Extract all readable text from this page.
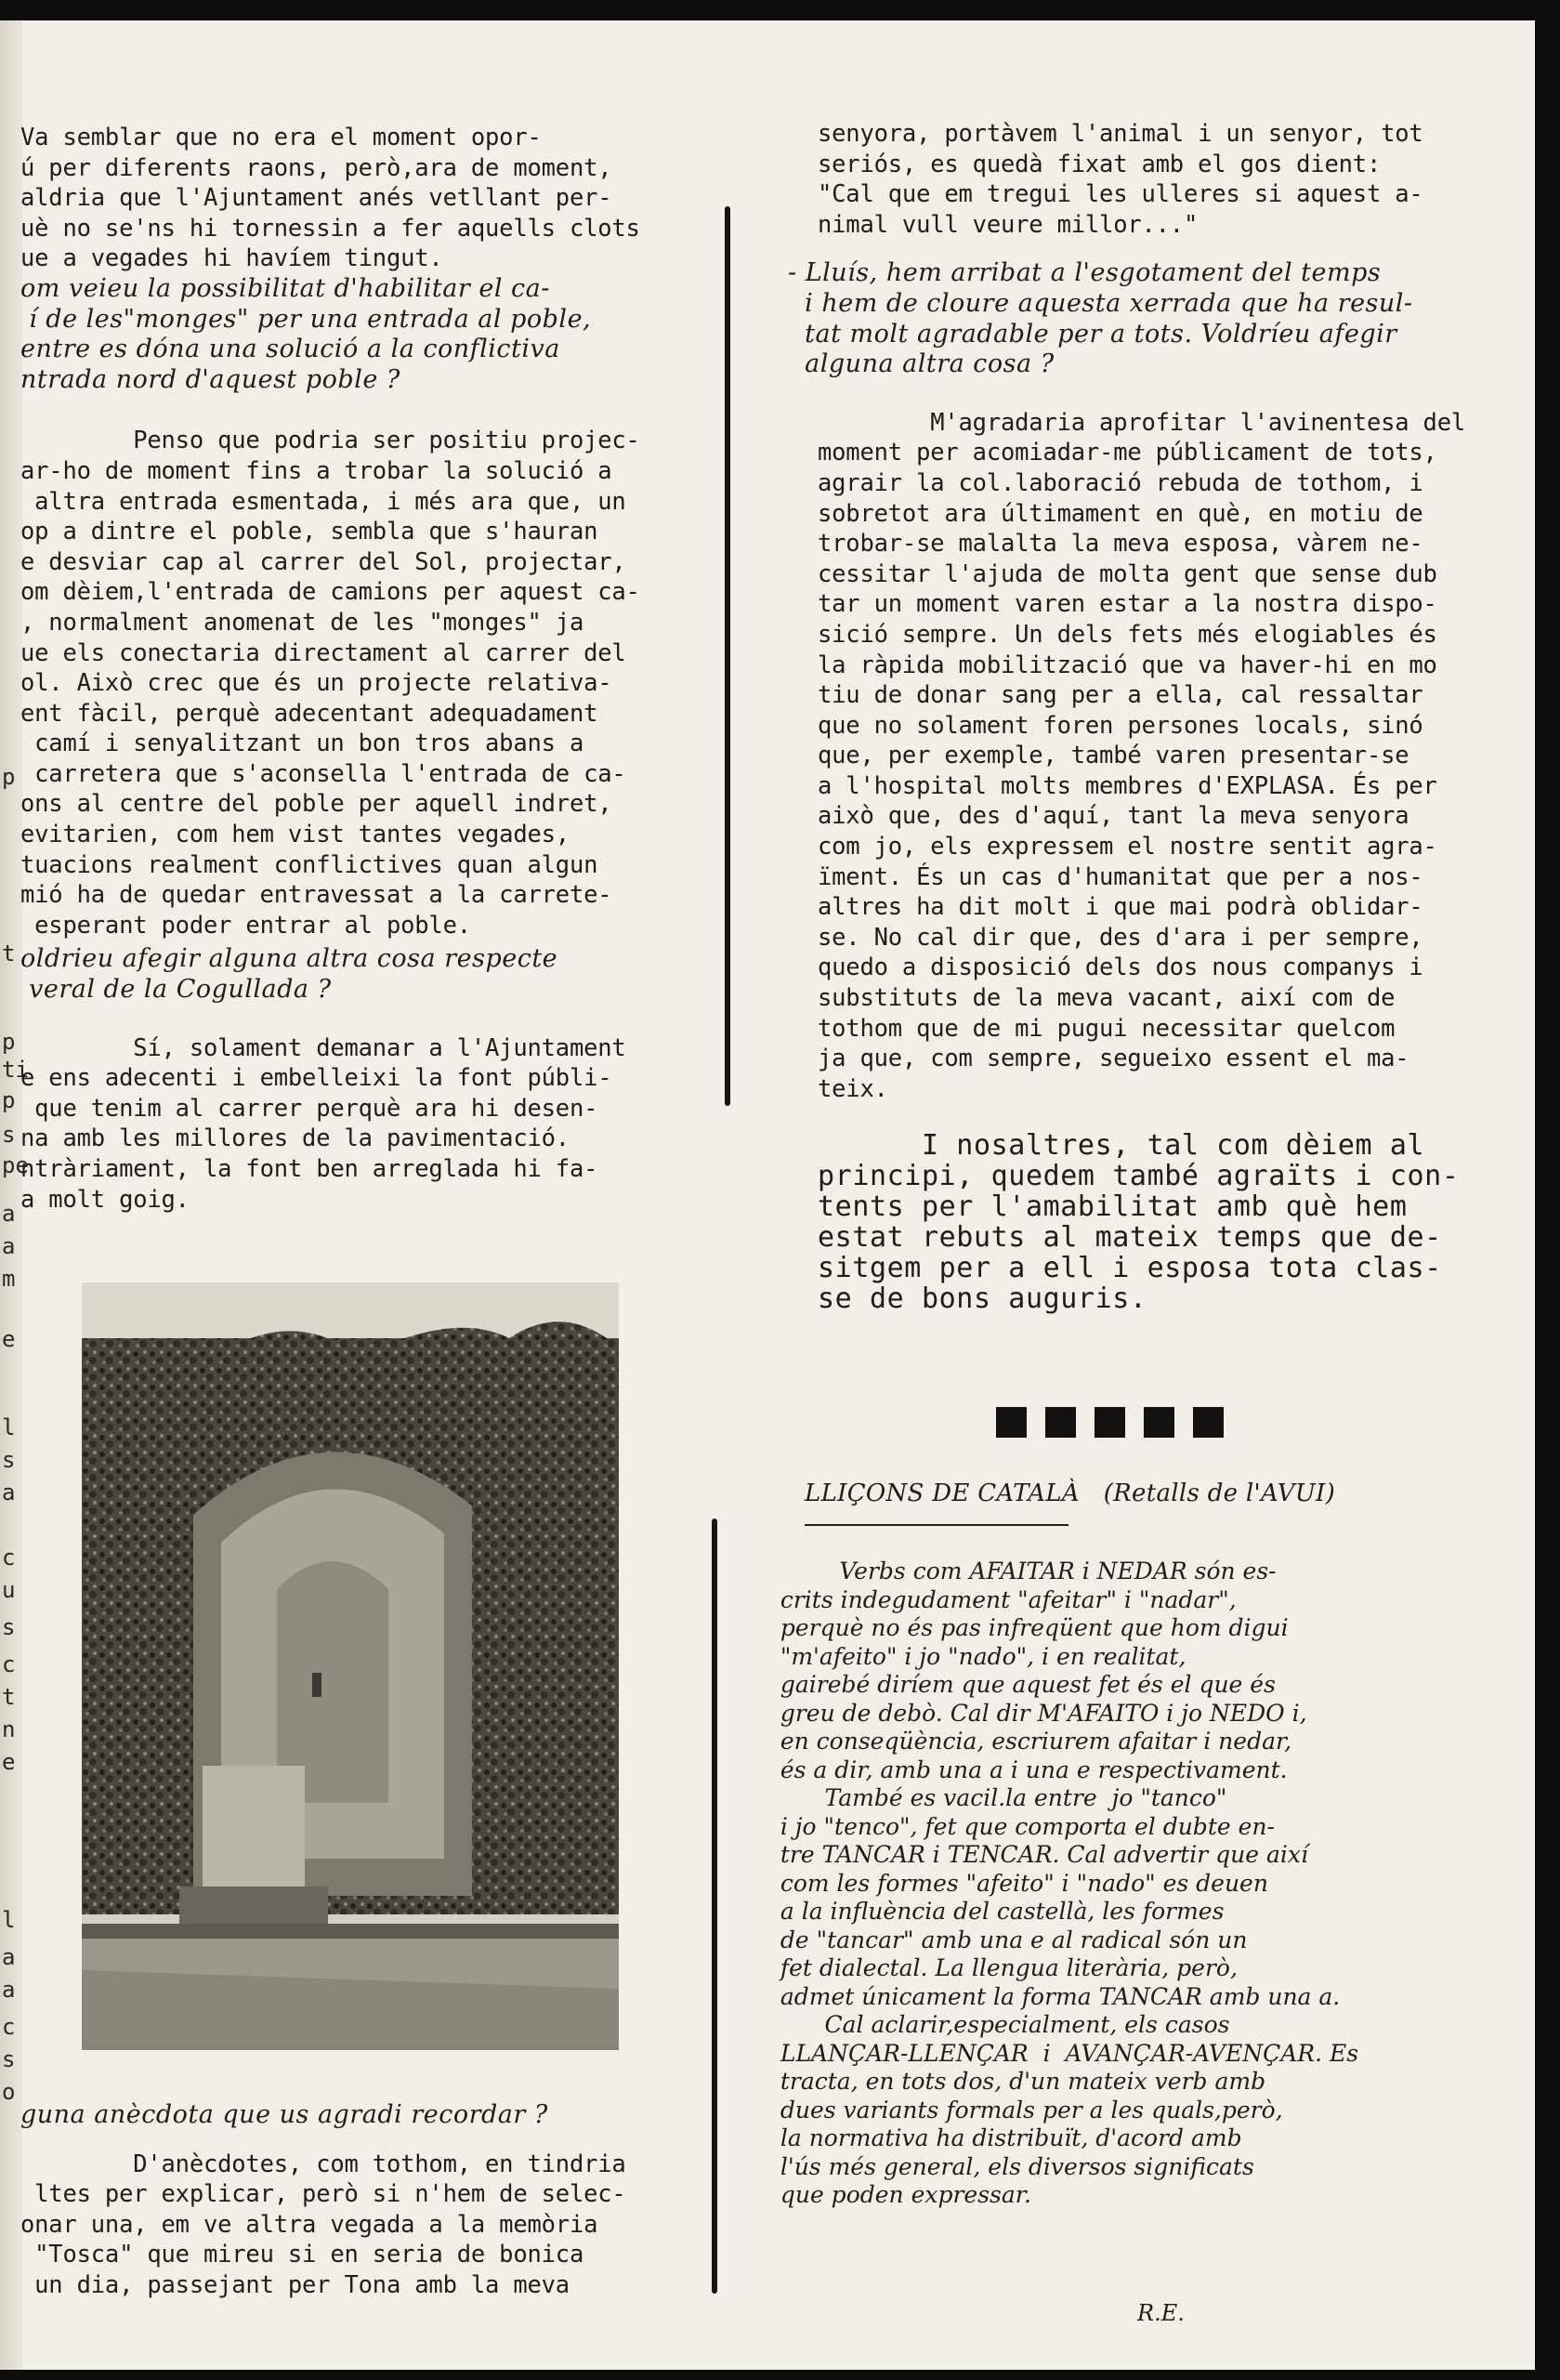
p
t
p
ti
p
s
pe
a
a
m
e
l
s
a
c
u
s
c
t
n
e
l
a
a
c
s
o

Va semblar que no era el moment opor-
ú per diferents raons, però,ara de moment,
aldria que l'Ajuntament anés vetllant per-
uè no se'ns hi tornessin a fer aquells clots
ue a vegades hi havíem tingut.

om veieu la possibilitat d'habilitar el ca-
í de les"monges" per una entrada al poble,
entre es dóna una solució a la conflictiva
ntrada nord d'aquest poble ?

Penso que podria ser positiu projec-
ar-ho de moment fins a trobar la solució a
altra entrada esmentada, i més ara que, un
op a dintre el poble, sembla que s'hauran
e desviar cap al carrer del Sol, projectar,
om dèiem,l'entrada de camions per aquest ca-
, normalment anomenat de les "monges" ja
ue els conectaria directament al carrer del
ol. Això crec que és un projecte relativa-
ent fàcil, perquè adecentant adequadament
camí i senyalitzant un bon tros abans a
carretera que s'aconsella l'entrada de ca-
ons al centre del poble per aquell indret,
evitarien, com hem vist tantes vegades,
tuacions realment conflictives quan algun
mió ha de quedar entravessat a la carrete-
esperant poder entrar al poble.

oldrieu afegir alguna altra cosa respecte
veral de la Cogullada ?

Sí, solament demanar a l'Ajuntament
e ens adecenti i embelleixi la font públi-
que tenim al carrer perquè ara hi desen-
na amb les millores de la pavimentació.
ntràriament, la font ben arreglada hi fa-
a molt goig.

guna anècdota que us agradi recordar ?

D'anècdotes, com tothom, en tindria
ltes per explicar, però si n'hem de selec-
onar una, em ve altra vegada a la memòria
"Tosca" que mireu si en seria de bonica
un dia, passejant per Tona amb la meva

senyora, portàvem l'animal i un senyor, tot
seriós, es quedà fixat amb el gos dient:
"Cal que em tregui les ulleres si aquest a-
nimal vull veure millor..."

- Lluís, hem arribat a l'esgotament del temps
i hem de cloure aquesta xerrada que ha resul-
tat molt agradable per a tots. Voldríeu afegir
alguna altra cosa ?

M'agradaria aprofitar l'avinentesa del
moment per acomiadar-me públicament de tots,
agrair la col.laboració rebuda de tothom, i
sobretot ara últimament en què, en motiu de
trobar-se malalta la meva esposa, vàrem ne-
cessitar l'ajuda de molta gent que sense dub
tar un moment varen estar a la nostra dispo-
sició sempre. Un dels fets més elogiables és
la ràpida mobilització que va haver-hi en mo
tiu de donar sang per a ella, cal ressaltar
que no solament foren persones locals, sinó
que, per exemple, també varen presentar-se
a l'hospital molts membres d'EXPLASA. És per
això que, des d'aquí, tant la meva senyora
com jo, els expressem el nostre sentit agra-
ïment. És un cas d'humanitat que per a nos-
altres ha dit molt i que mai podrà oblidar-
se. No cal dir que, des d'ara i per sempre,
quedo a disposició dels dos nous companys i
substituts de la meva vacant, així com de
tothom que de mi pugui necessitar quelcom
ja que, com sempre, segueixo essent el ma-
teix.

I nosaltres, tal com dèiem al
principi, quedem també agraïts i con-
tents per l'amabilitat amb què hem
estat rebuts al mateix temps que de-
sitgem per a ell i esposa tota clas-
se de bons auguris.

LLIÇONS DE CATALÀ   (Retalls de l'AVUI)

Verbs com AFAITAR i NEDAR són es-
crits indegudament "afeitar" i "nadar",
perquè no és pas infreqüent que hom digui
"m'afeito" i jo "nado", i en realitat,
gairebé diríem que aquest fet és el que és
greu de debò. Cal dir M'AFAITO i jo NEDO i,
en conseqüència, escriurem afaitar i nedar,
és a dir, amb una a i una e respectivament.
També es vacil.la entre  jo "tanco"
i jo "tenco", fet que comporta el dubte en-
tre TANCAR i TENCAR. Cal advertir que així
com les formes "afeito" i "nado" es deuen
a la influència del castellà, les formes
de "tancar" amb una e al radical són un
fet dialectal. La llengua literària, però,
admet únicament la forma TANCAR amb una a.
Cal aclarir,especialment, els casos
LLANÇAR-LLENÇAR  i  AVANÇAR-AVENÇAR. Es
tracta, en tots dos, d'un mateix verb amb
dues variants formals per a les quals,però,
la normativa ha distribuït, d'acord amb
l'ús més general, els diversos significats
que poden expressar.

R.E.
